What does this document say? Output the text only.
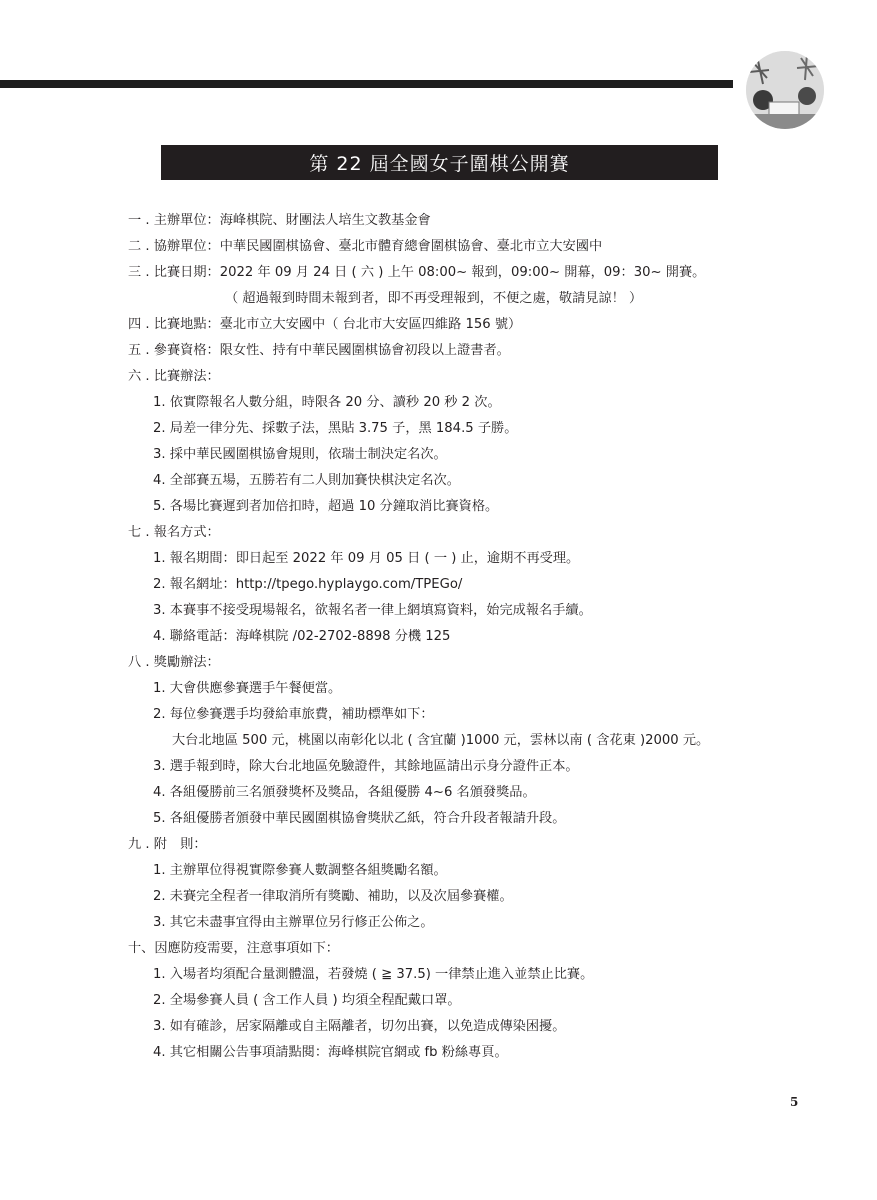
第 22 屆全國女子圍棋公開賽
一 . 主辦單位：海峰棋院、財團法人培生文教基金會
二 . 協辦單位：中華民國圍棋協會、臺北市體育總會圍棋協會、臺北市立大安國中
三 . 比賽日期：2022 年 09 月 24 日 ( 六 ) 上午 08:00~ 報到，09:00~ 開幕，09：30~ 開賽。
（ 超過報到時間未報到者，即不再受理報到，不便之處，敬請見諒！ ）
四 . 比賽地點：臺北市立大安國中（ 台北市大安區四維路 156 號）
五 . 參賽資格：限女性、持有中華民國圍棋協會初段以上證書者。
六 . 比賽辦法：
1. 依實際報名人數分組，時限各 20 分、讀秒 20 秒 2 次。
2. 局差一律分先、採數子法，黑貼 3.75 子，黑 184.5 子勝。
3. 採中華民國圍棋協會規則，依瑞士制決定名次。
4. 全部賽五場，五勝若有二人則加賽快棋決定名次。
5. 各場比賽遲到者加倍扣時，超過 10 分鐘取消比賽資格。
七 . 報名方式：
1. 報名期間：即日起至 2022 年 09 月 05 日 ( 一 ) 止，逾期不再受理。
2. 報名網址：http://tpego.hyplaygo.com/TPEGo/
3. 本賽事不接受現場報名，欲報名者一律上網填寫資料，始完成報名手續。
4. 聯絡電話：海峰棋院 /02-2702-8898 分機 125
八 . 獎勵辦法：
1. 大會供應參賽選手午餐便當。
2. 每位參賽選手均發給車旅費，補助標準如下：
大台北地區 500 元，桃園以南彰化以北 ( 含宜蘭 )1000 元，雲林以南 ( 含花東 )2000 元。
3. 選手報到時，除大台北地區免驗證件，其餘地區請出示身分證件正本。
4. 各組優勝前三名頒發獎杯及獎品，各組優勝 4~6 名頒發獎品。
5. 各組優勝者頒發中華民國圍棋協會獎狀乙紙，符合升段者報請升段。
九 . 附　則：
1. 主辦單位得視實際參賽人數調整各組獎勵名額。
2. 未賽完全程者一律取消所有獎勵、補助，以及次屆參賽權。
3. 其它未盡事宜得由主辦單位另行修正公佈之。
十、因應防疫需要，注意事項如下：
1. 入場者均須配合量測體溫，若發燒 ( ≧ 37.5) 一律禁止進入並禁止比賽。
2. 全場參賽人員 ( 含工作人員 ) 均須全程配戴口罩。
3. 如有確診，居家隔離或自主隔離者，切勿出賽，以免造成傳染困擾。
4. 其它相關公告事項請點閱：海峰棋院官網或 fb 粉絲專頁。
5
